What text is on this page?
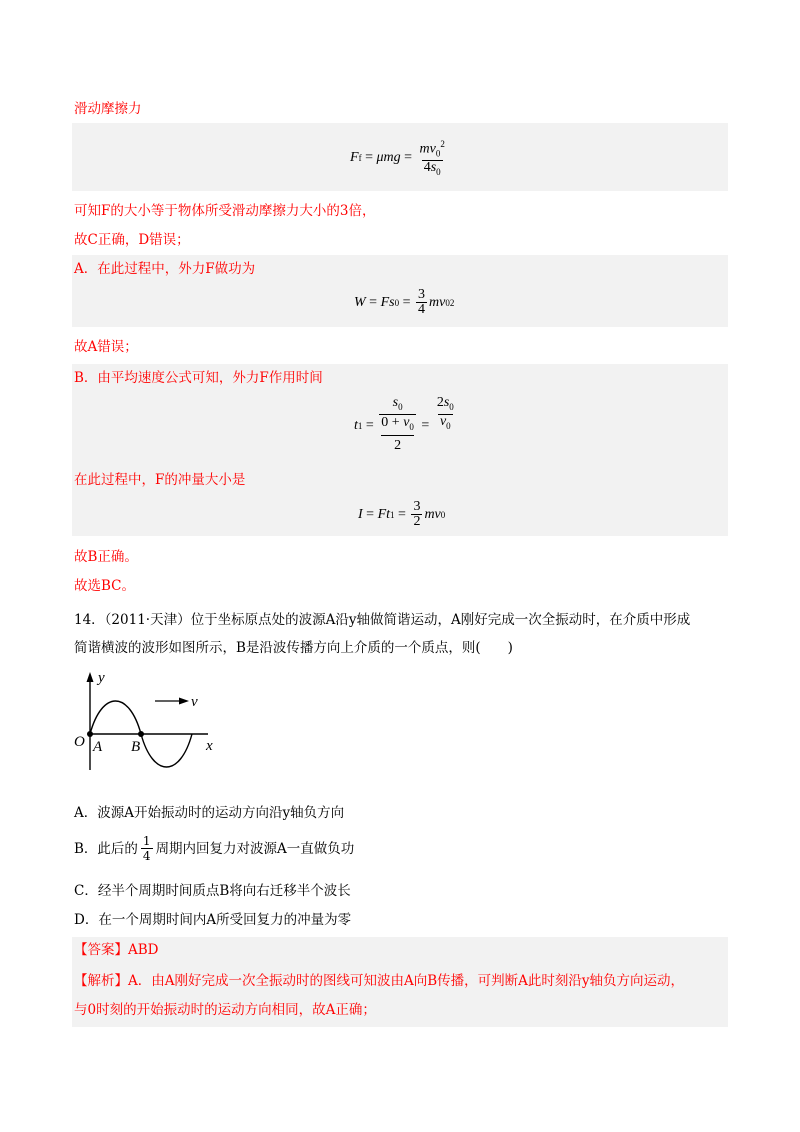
滑动摩擦力
F $f = \mu mg = \frac{mv_0^2}{4s_0}$
可知F的大小等于物体所受滑动摩擦力大小的3倍，
故C正确，D错误；
A．在此过程中，外力F做功为
W = Fs $0 = \frac{3}{4}$ mv 0 2
故A错误；
B．由平均速度公式可知，外力F作用时间
t $1 = s_0$
$0 + v_0$
$2 = \frac{2s_0}{v_0}$
在此过程中，F的冲量大小是
I = Ft $1 = \frac{3}{2}$ mv 0
故B正确。
故选BC。
14．（2011·天津）位于坐标原点处的波源A沿y轴做简谐运动，A刚好完成一次全振动时，在介质中形成
简谐横波的波形如图所示，B是沿波传播方向上介质的一个质点，则(　　)
y
x
O A B
v
A．波源A开始振动时的运动方向沿y轴负方向
B．此后的 $\frac{1}{4}$ 周期内回复力对波源A一直做负功
C．经半个周期时间质点B将向右迁移半个波长
D．在一个周期时间内A所受回复力的冲量为零
【答案】ABD
【解析】A．由A刚好完成一次全振动时的图线可知波由A向B传播，可判断A此时刻沿y轴负方向运动，
与0时刻的开始振动时的运动方向相同，故A正确；
